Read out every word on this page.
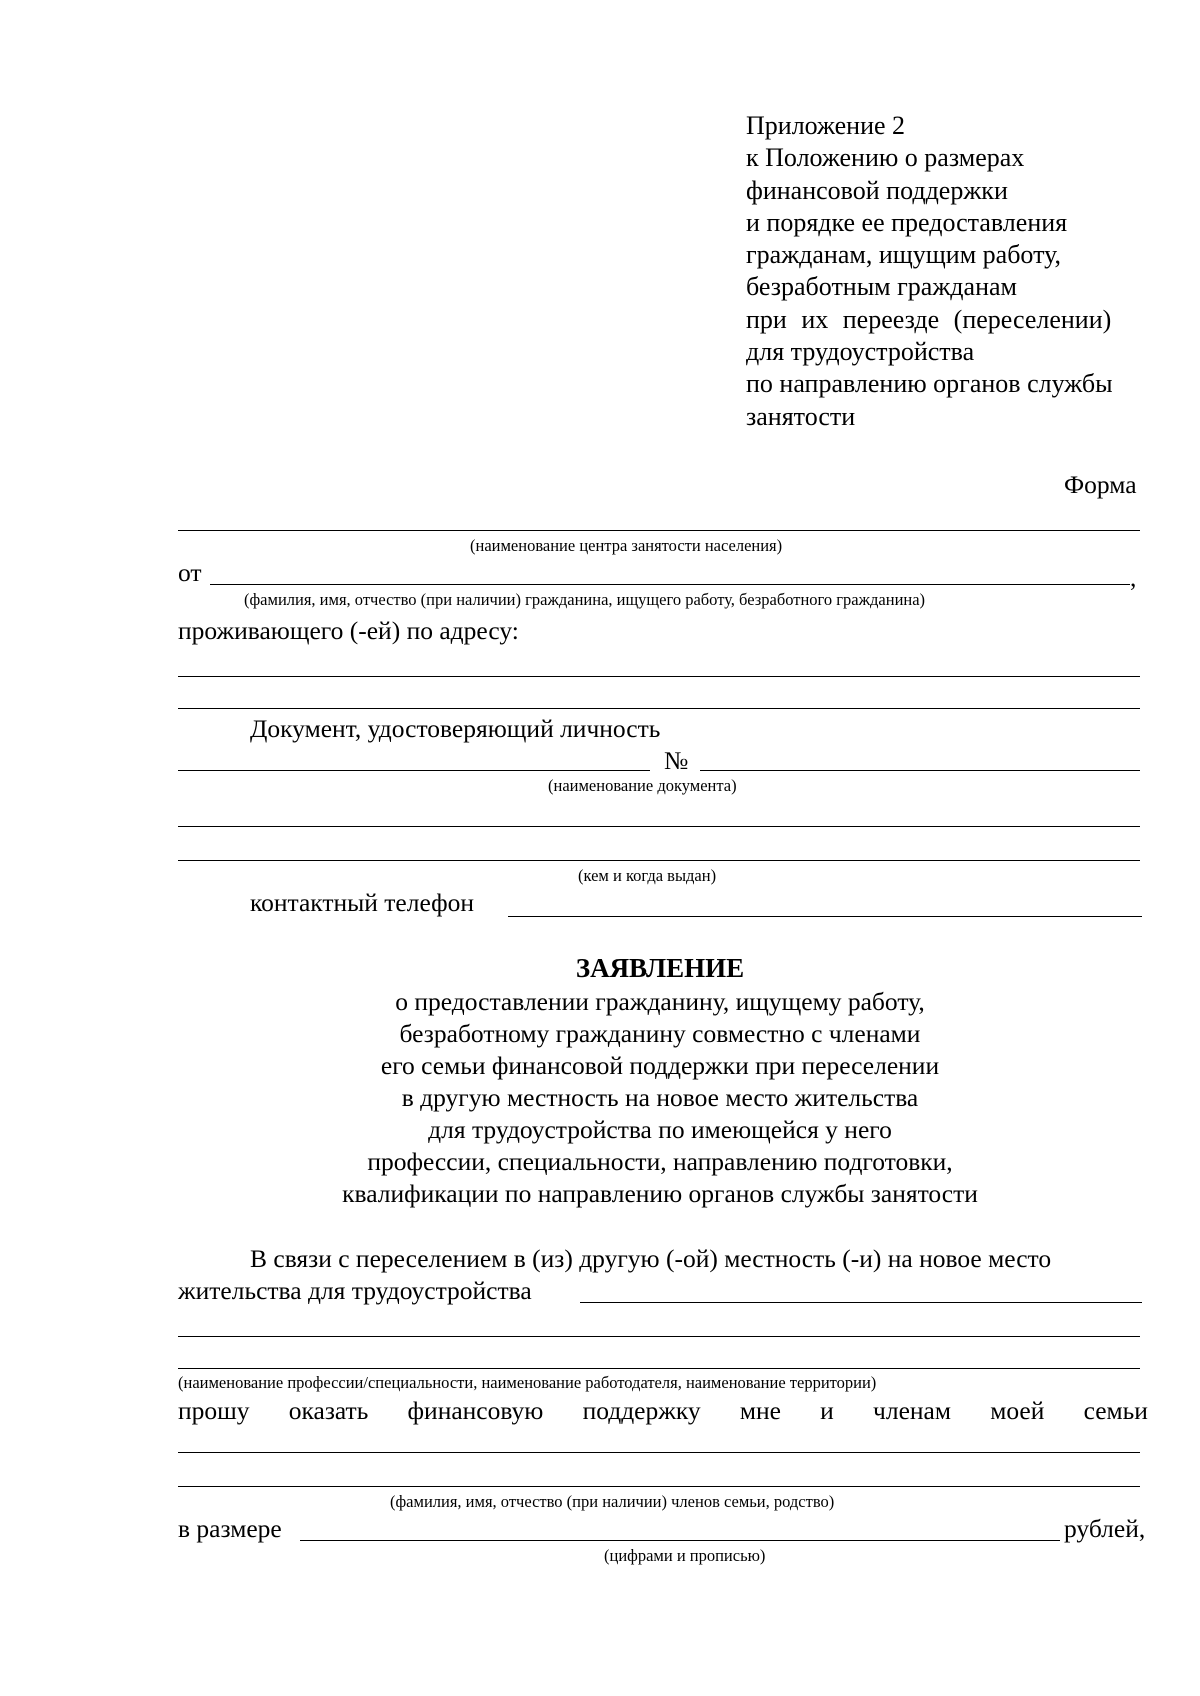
Приложение 2
к Положению о размерах
финансовой поддержки
и порядке ее предоставления
гражданам, ищущим работу,
безработным гражданам
при их переезде (переселении)
для трудоустройства
по направлению органов службы
занятости
Форма
(наименование центра занятости населения)
от	,
(фамилия, имя, отчество (при наличии) гражданина, ищущего работу, безработного гражданина)
проживающего (-ей) по адресу:
Документ, удостоверяющий личность
№
(наименование документа)
(кем и когда выдан)
контактный телефон
ЗАЯВЛЕНИЕ
о предоставлении гражданину, ищущему работу,
безработному гражданину совместно с членами
его семьи финансовой поддержки при переселении
в другую местность на новое место жительства
для трудоустройства по имеющейся у него
профессии, специальности, направлению подготовки,
квалификации по направлению органов службы занятости
В связи с переселением в (из) другую (-ой) местность (-и) на новое место
жительства для трудоустройства
(наименование профессии/специальности, наименование работодателя, наименование территории)
прошу оказать финансовую поддержку мне и членам моей семьи
(фамилия, имя, отчество (при наличии) членов семьи, родство)
в размере	рублей,
(цифрами и прописью)
